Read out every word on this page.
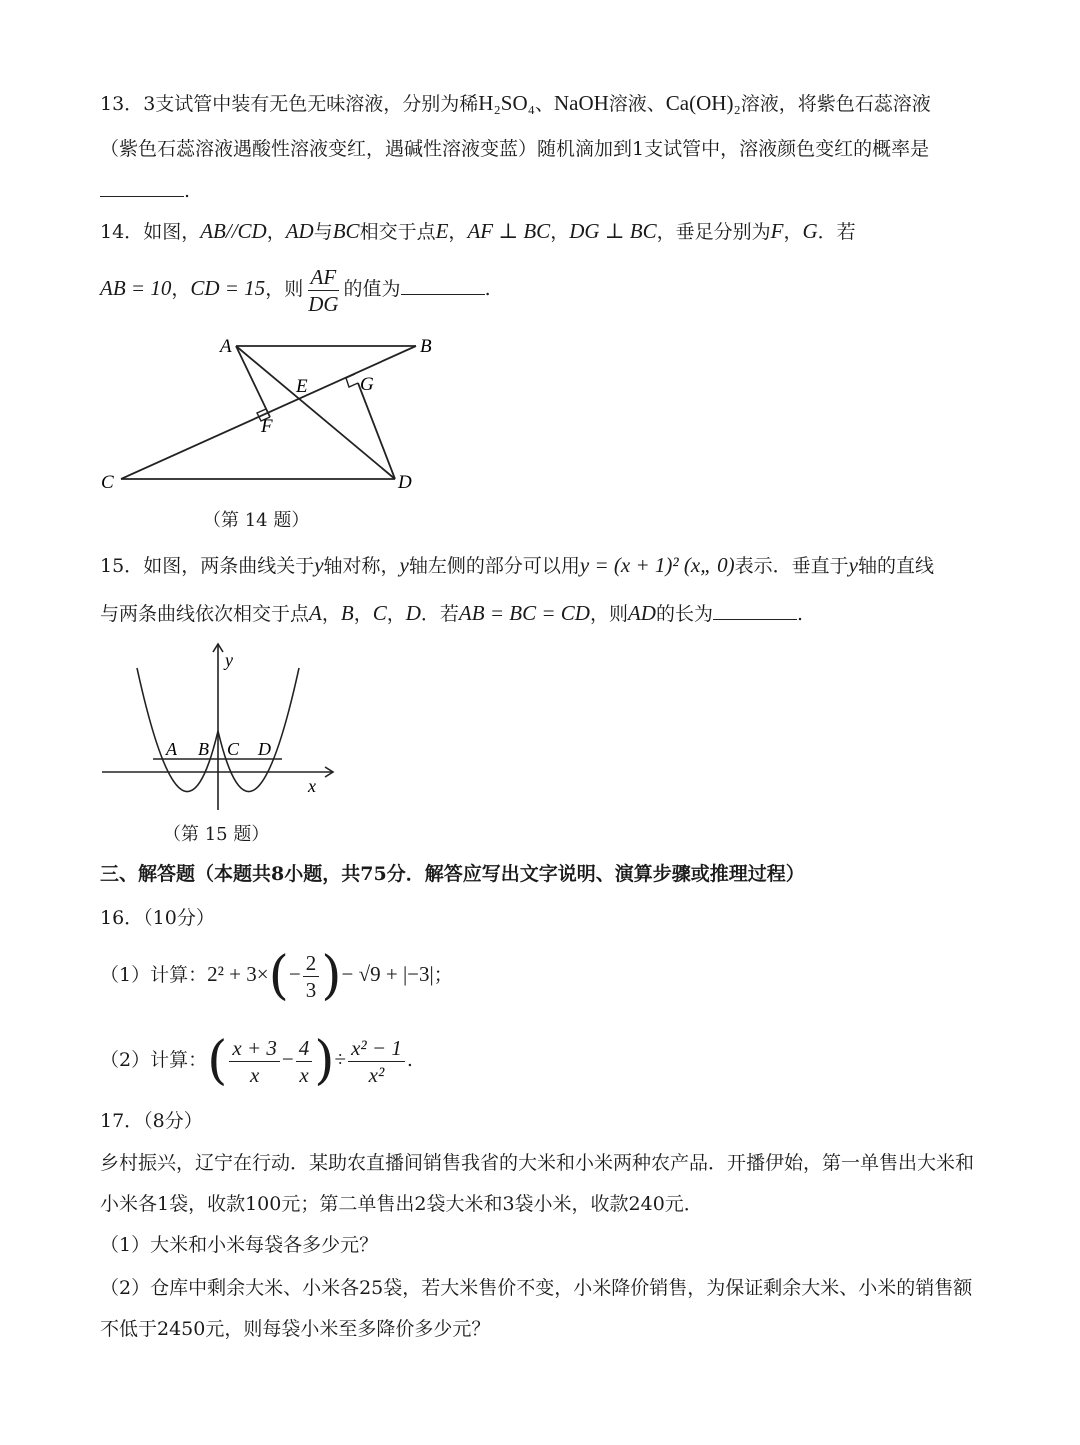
13．3支试管中装有无色无味溶液，分别为稀H₂SO₄、NaOH溶液、Ca(OH)₂溶液，将紫色石蕊溶液
（紫色石蕊溶液遇酸性溶液变红，遇碱性溶液变蓝）随机滴加到1支试管中，溶液颜色变红的概率是
.
14．如图，AB//CD，AD与BC相交于点E，AF ⊥ BC，DG ⊥ BC，垂足分别为F，G．若
AB = 10，CD = 15，则 $\frac{AF}{DG}$ 的值为	.
A	B
C	D
E
F
G
（第 14 题）
15．如图，两条曲线关于y轴对称，y轴左侧的部分可以用y = (x + 1)² (x„ 0)表示．垂直于y轴的直线
与两条曲线依次相交于点A，B，C，D．若AB = BC = CD，则AD的长为	.
y
x
A B C D
（第 15 题）
三、解答题（本题共8小题，共75分．解答应写出文字说明、演算步骤或推理过程）
16．（10分）
（1）计算：$2^2 + 3\times(- \frac{2}{3}$ )− √9 + |−3|；
（2）计算：( $\frac{x + 3}{x} - \frac{4}{x}$ )÷ $\frac{\text{x² − 1}}{\text{x²}}$ .
17．（8分）
乡村振兴，辽宁在行动．某助农直播间销售我省的大米和小米两种农产品．开播伊始，第一单售出大米和
小米各1袋，收款100元；第二单售出2袋大米和3袋小米，收款240元．
（1）大米和小米每袋各多少元？
（2）仓库中剩余大米、小米各25袋，若大米售价不变，小米降价销售，为保证剩余大米、小米的销售额
不低于2450元，则每袋小米至多降价多少元？
